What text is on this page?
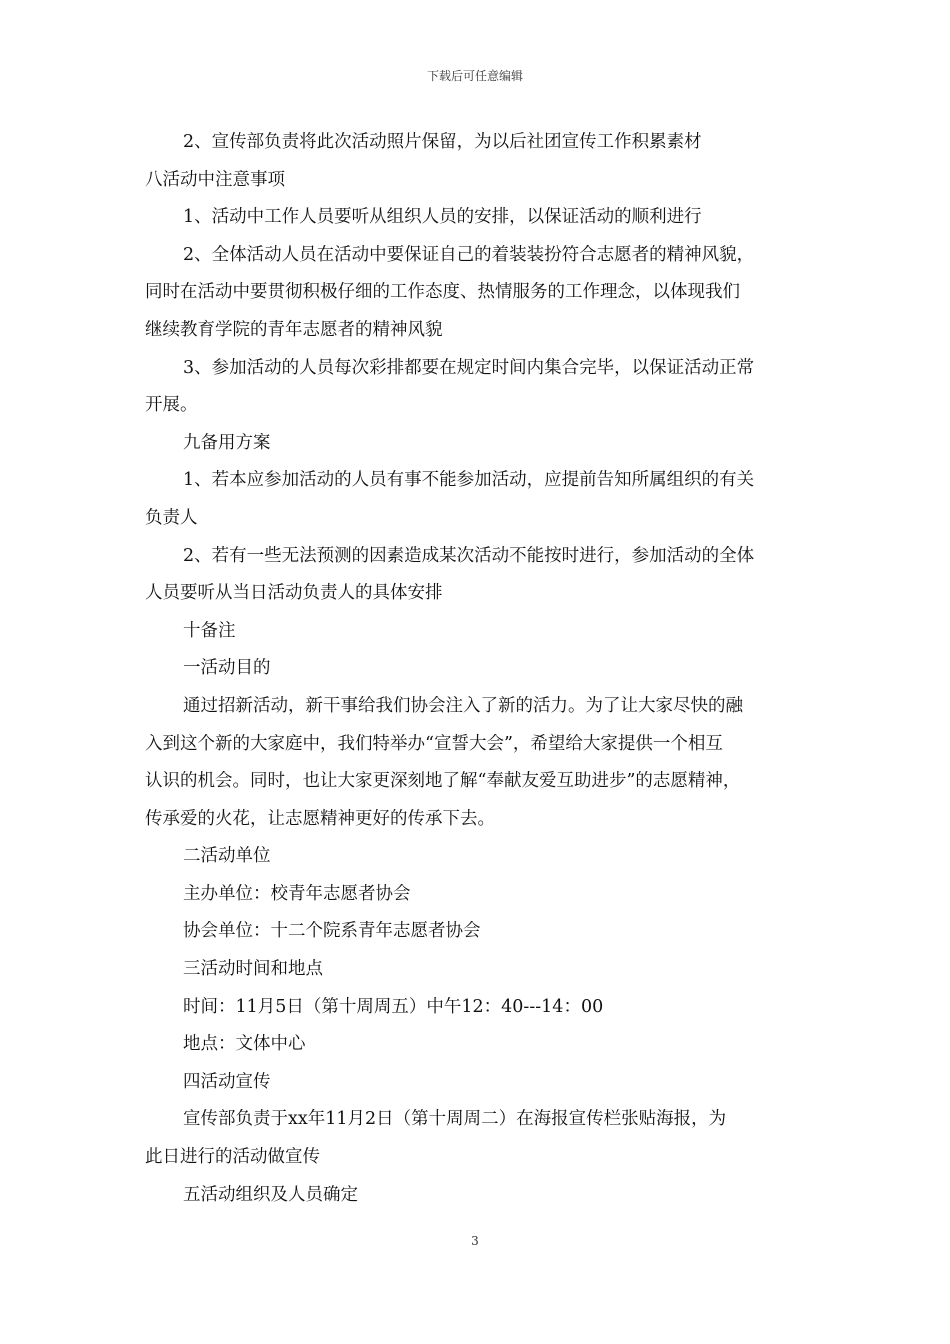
下载后可任意编辑

2、宣传部负责将此次活动照片保留，为以后社团宣传工作积累素材

八活动中注意事项

1、活动中工作人员要听从组织人员的安排，以保证活动的顺利进行

2、全体活动人员在活动中要保证自己的着装装扮符合志愿者的精神风貌，

同时在活动中要贯彻积极仔细的工作态度、热情服务的工作理念，以体现我们

继续教育学院的青年志愿者的精神风貌

3、参加活动的人员每次彩排都要在规定时间内集合完毕，以保证活动正常

开展。

九备用方案

1、若本应参加活动的人员有事不能参加活动，应提前告知所属组织的有关

负责人

2、若有一些无法预测的因素造成某次活动不能按时进行，参加活动的全体

人员要听从当日活动负责人的具体安排

十备注

一活动目的

通过招新活动，新干事给我们协会注入了新的活力。为了让大家尽快的融

入到这个新的大家庭中，我们特举办“宣誓大会”，希望给大家提供一个相互

认识的机会。同时，也让大家更深刻地了解“奉献友爱互助进步”的志愿精神，

传承爱的火花，让志愿精神更好的传承下去。

二活动单位

主办单位：校青年志愿者协会

协会单位：十二个院系青年志愿者协会

三活动时间和地点

时间：11月5日（第十周周五）中午12：40---14：00

地点：文体中心

四活动宣传

宣传部负责于xx年11月2日（第十周周二）在海报宣传栏张贴海报，为

此日进行的活动做宣传

五活动组织及人员确定

3
